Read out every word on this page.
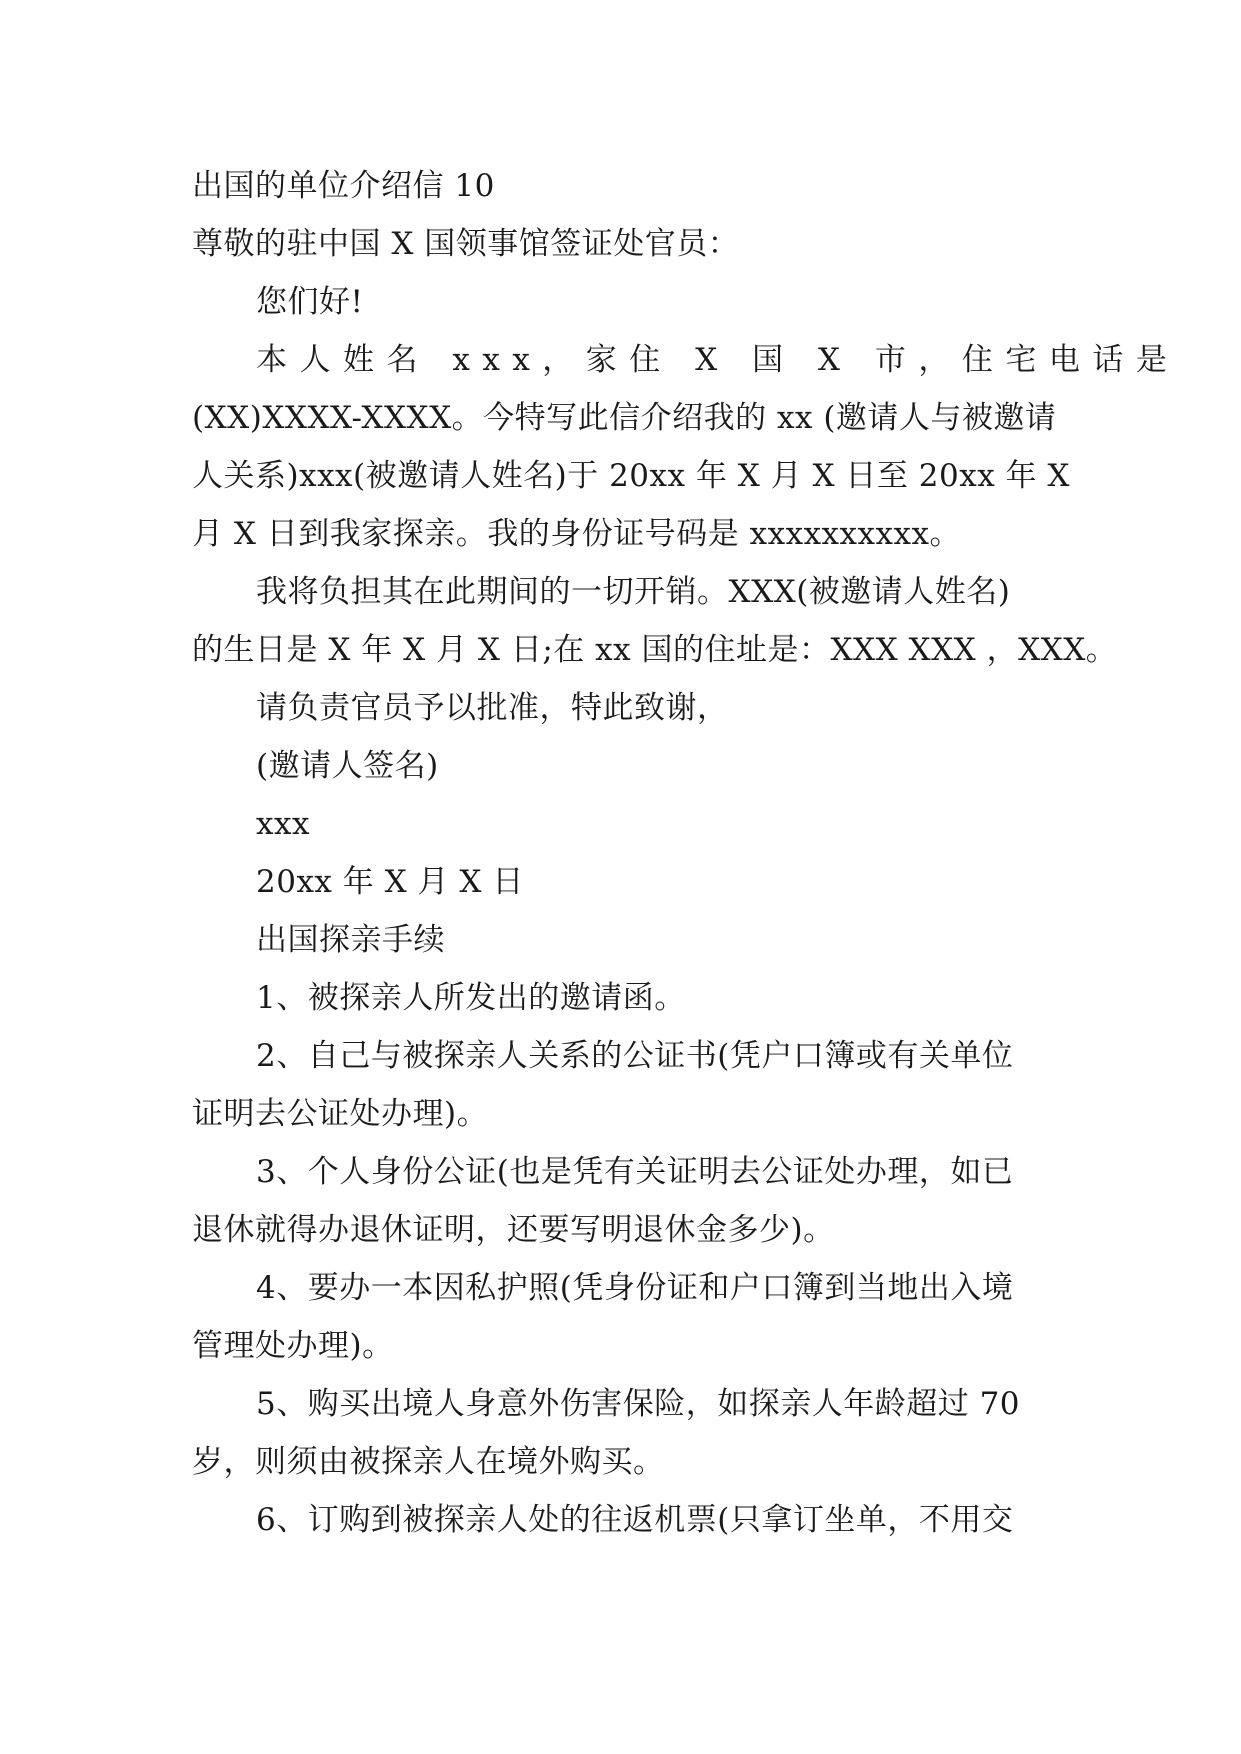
出国的单位介绍信 10
尊敬的驻中国 X 国领事馆签证处官员：
您们好!
本人姓名 xxx，家住 X 国 X 市，住宅电话是
(XX)XXXX-XXXX。今特写此信介绍我的 xx (邀请人与被邀请
人关系)xxx(被邀请人姓名)于 20xx 年 X 月 X 日至 20xx 年 X
月 X 日到我家探亲。我的身份证号码是 xxxxxxxxxx。
我将负担其在此期间的一切开销。XXX(被邀请人姓名)
的生日是 X 年 X 月 X 日;在 xx 国的住址是：XXX XXX ，XXX。
请负责官员予以批准，特此致谢，
(邀请人签名)
xxx
20xx 年 X 月 X 日
出国探亲手续
1、被探亲人所发出的邀请函。
2、自己与被探亲人关系的公证书(凭户口簿或有关单位
证明去公证处办理)。
3、个人身份公证(也是凭有关证明去公证处办理，如已
退休就得办退休证明，还要写明退休金多少)。
4、要办一本因私护照(凭身份证和户口簿到当地出入境
管理处办理)。
5、购买出境人身意外伤害保险，如探亲人年龄超过 70
岁，则须由被探亲人在境外购买。
6、订购到被探亲人处的往返机票(只拿订坐单，不用交
